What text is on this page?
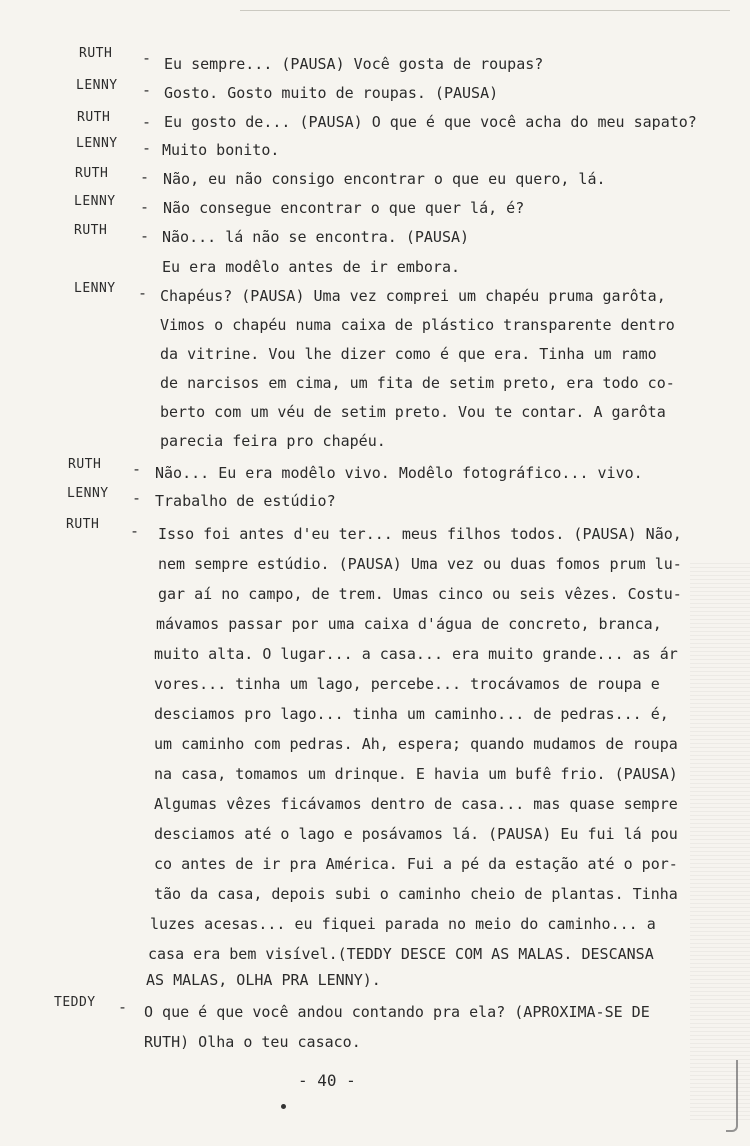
RUTH - Eu sempre... (PAUSA) Você gosta de roupas?
LENNY - Gosto. Gosto muito de roupas. (PAUSA)
RUTH - Eu gosto de... (PAUSA) O que é que você acha do meu sapato?
LENNY - Muito bonito.
RUTH - Não, eu não consigo encontrar o que eu quero, lá.
LENNY - Não consegue encontrar o que quer lá, é?
RUTH - Não... lá não se encontra. (PAUSA)
Eu era modêlo antes de ir embora.
LENNY - Chapéus? (PAUSA) Uma vez comprei um chapéu pruma garôta,
Vimos o chapéu numa caixa de plástico transparente dentro
da vitrine. Vou lhe dizer como é que era. Tinha um ramo
de narcisos em cima, um fita de setim preto, era todo co-
berto com um véu de setim preto. Vou te contar. A garôta
parecia feira pro chapéu.
RUTH - Não... Eu era modêlo vivo. Modêlo fotográfico... vivo.
LENNY - Trabalho de estúdio?
RUTH - Isso foi antes d'eu ter... meus filhos todos. (PAUSA) Não,
nem sempre estúdio. (PAUSA) Uma vez ou duas fomos prum lu-
gar aí no campo, de trem. Umas cinco ou seis vêzes. Costu-
mávamos passar por uma caixa d'água de concreto, branca,
muito alta. O lugar... a casa... era muito grande... as ár
vores... tinha um lago, percebe... trocávamos de roupa e
desciamos pro lago... tinha um caminho... de pedras... é,
um caminho com pedras. Ah, espera; quando mudamos de roupa
na casa, tomamos um drinque. E havia um bufê frio. (PAUSA)
Algumas vêzes ficávamos dentro de casa... mas quase sempre
desciamos até o lago e posávamos lá. (PAUSA) Eu fui lá pou
co antes de ir pra América. Fui a pé da estação até o por-
tão da casa, depois subi o caminho cheio de plantas. Tinha
luzes acesas... eu fiquei parada no meio do caminho... a
casa era bem visível.(TEDDY DESCE COM AS MALAS. DESCANSA
AS MALAS, OLHA PRA LENNY).
TEDDY - O que é que você andou contando pra ela? (APROXIMA-SE DE
RUTH) Olha o teu casaco.
- 40 -
